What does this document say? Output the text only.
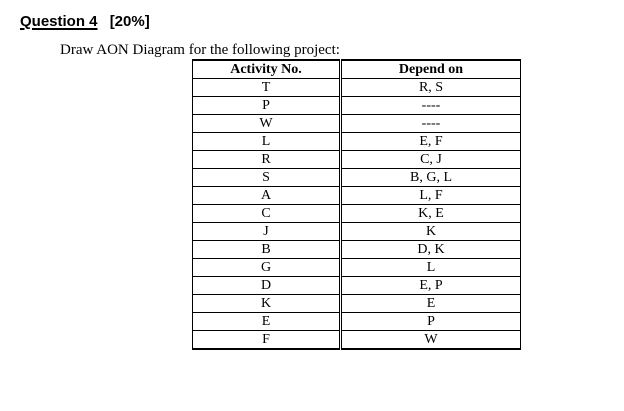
Question 4 [20%]
Draw AON Diagram for the following project:
Activity No.	Depend on
T	R, S
P	----
W	----
L	E, F
R	C, J
S	B, G, L
A	L, F
C	K, E
J	K
B	D, K
G	L
D	E, P
K	E
E	P
F	W
